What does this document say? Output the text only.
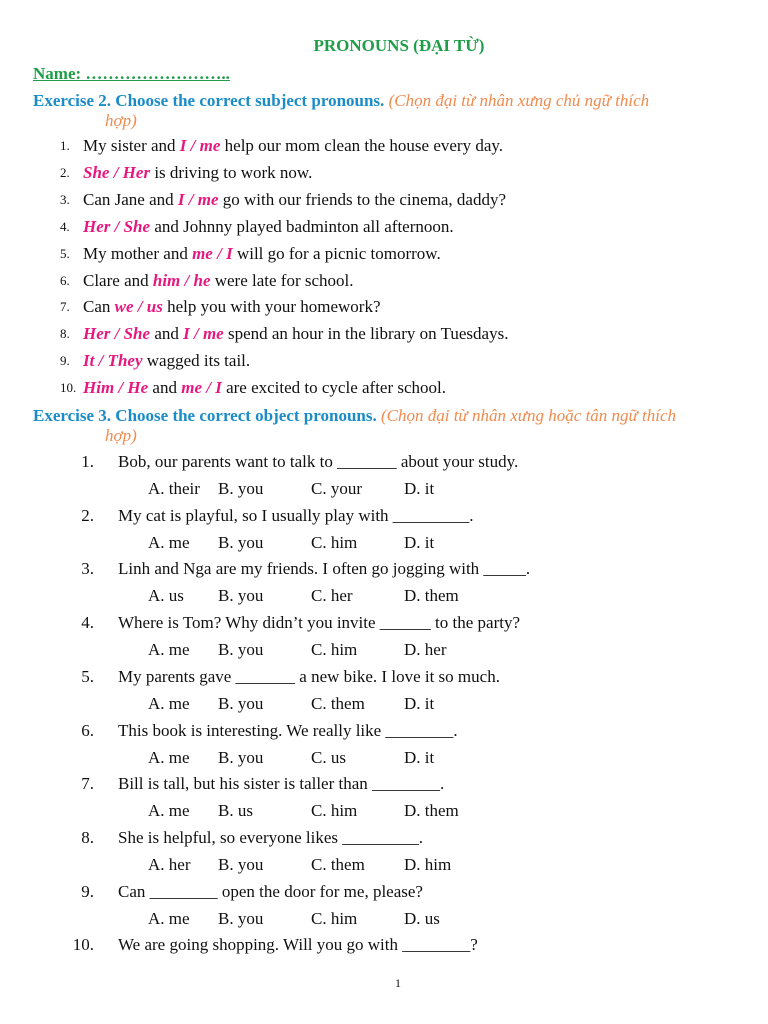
PRONOUNS (ĐẠI TỪ)
Name: ……………………..
Exercise 2. Choose the correct subject pronouns. (Chọn đại từ nhân xưng chủ ngữ thích
hợp)
1. My sister and I / me help our mom clean the house every day.
2. She / Her is driving to work now.
3. Can Jane and I / me go with our friends to the cinema, daddy?
4. Her / She and Johnny played badminton all afternoon.
5. My mother and me / I will go for a picnic tomorrow.
6. Clare and him / he were late for school.
7. Can we / us help you with your homework?
8. Her / She and I / me spend an hour in the library on Tuesdays.
9. It / They wagged its tail.
10. Him / He and me / I are excited to cycle after school.
Exercise 3. Choose the correct object pronouns. (Chọn đại từ nhân xưng hoặc tân ngữ thích
hợp)
1. Bob, our parents want to talk to _______ about your study.
A. their B. you	C. your D. it
2. My cat is playful, so I usually play with _________.
A. me B. you	C. him	D. it
3. Linh and Nga are my friends. I often go jogging with _____.
A. us B. you	C. her	D. them
4. Where is Tom? Why didn’t you invite ______ to the party?
A. me B. you	C. him	D. her
5. My parents gave _______ a new bike. I love it so much.
A. me B. you	C. them D. it
6. This book is interesting. We really like ________.
A. me B. you	C. us	D. it
7. Bill is tall, but his sister is taller than ________.
A. me B. us	C. him	D. them
8. She is helpful, so everyone likes _________.
A. her B. you	C. them D. him
9. Can ________ open the door for me, please?
A. me B. you	C. him	D. us
10. We are going shopping. Will you go with ________?
1
